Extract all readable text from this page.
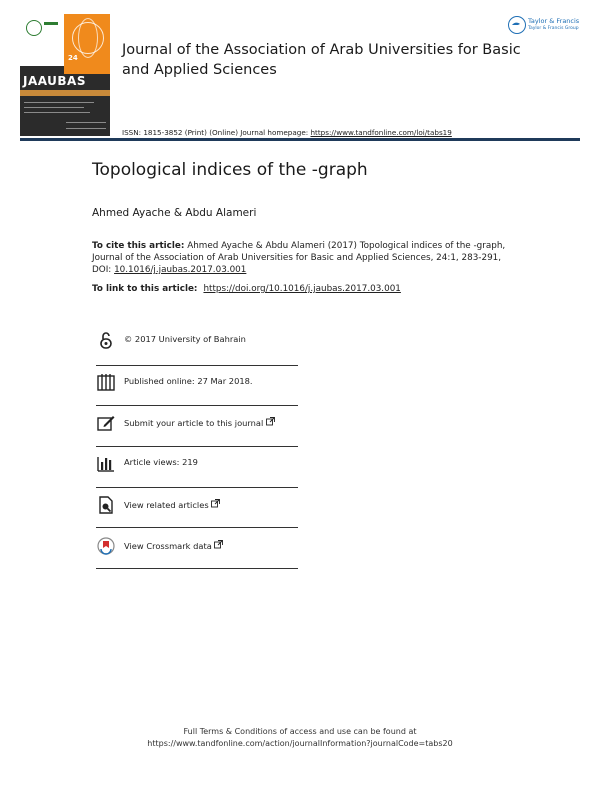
24
JAAUBAS
Journal of the Association of Arab Universities for Basic and Applied Sciences
Taylor & Francis
Taylor & Francis Group
ISSN: 1815-3852 (Print) (Online) Journal homepage: https://www.tandfonline.com/loi/tabs19
Topological indices of the -graph
Ahmed Ayache & Abdu Alameri
To cite this article: Ahmed Ayache & Abdu Alameri (2017) Topological indices of the -graph, Journal of the Association of Arab Universities for Basic and Applied Sciences, 24:1, 283-291, DOI: 10.1016/j.jaubas.2017.03.001
To link to this article: https://doi.org/10.1016/j.jaubas.2017.03.001
© 2017 University of Bahrain
Published online: 27 Mar 2018.
Submit your article to this journal
Article views: 219
View related articles
View Crossmark data
Full Terms & Conditions of access and use can be found at
https://www.tandfonline.com/action/journalInformation?journalCode=tabs20
